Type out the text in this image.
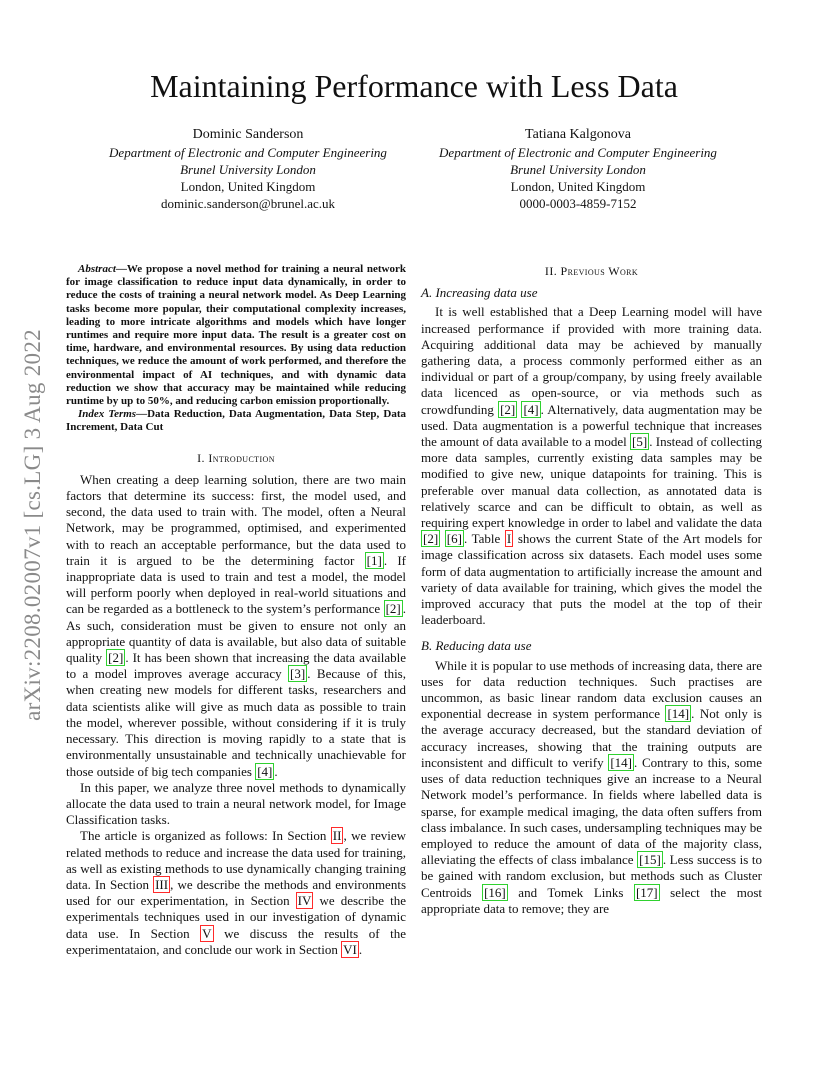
arXiv:2208.02007v1 [cs.LG] 3 Aug 2022
Maintaining Performance with Less Data
Dominic Sanderson
Department of Electronic and Computer Engineering
Brunel University London
London, United Kingdom
dominic.sanderson@brunel.ac.uk
Tatiana Kalgonova
Department of Electronic and Computer Engineering
Brunel University London
London, United Kingdom
0000-0003-4859-7152

Abstract—We propose a novel method for training a neural network for image classification to reduce input data dynamically, in order to reduce the costs of training a neural network model. As Deep Learning tasks become more popular, their computational complexity increases, leading to more intricate algorithms and models which have longer runtimes and require more input data. The result is a greater cost on time, hardware, and environmental resources. By using data reduction techniques, we reduce the amount of work performed, and therefore the environmental impact of AI techniques, and with dynamic data reduction we show that accuracy may be maintained while reducing runtime by up to 50%, and reducing carbon emission proportionally.

Index Terms—Data Reduction, Data Augmentation, Data Step, Data Increment, Data Cut

I. Introduction

When creating a deep learning solution, there are two main factors that determine its success: first, the model used, and second, the data used to train with. The model, often a Neural Network, may be programmed, optimised, and experimented with to reach an acceptable performance, but the data used to train it is argued to be the determining factor [1] . If inappropriate data is used to train and test a model, the model will perform poorly when deployed in real-world situations and can be regarded as a bottleneck to the system’s performance [2] . As such, consideration must be given to ensure not only an appropriate quantity of data is available, but also data of suitable quality [2] . It has been shown that increasing the data available to a model improves average accuracy [3] . Because of this, when creating new models for different tasks, researchers and data scientists alike will give as much data as possible to train the model, wherever possible, without considering if it is truly necessary. This direction is moving rapidly to a state that is environmentally unsustainable and technically unachievable for those outside of big tech companies [4] .

In this paper, we analyze three novel methods to dynamically allocate the data used to train a neural network model, for Image Classification tasks.

The article is organized as follows: In Section II , we review related methods to reduce and increase the data used for training, as well as existing methods to use dynamically changing training data. In Section III , we describe the methods and environments used for our experimentation, in Section IV we describe the experimentals techniques used in our investigation of dynamic data use. In Section V we discuss the results of the experimentataion, and conclude our work in Section VI .

II. Previous Work
A. Increasing data use

It is well established that a Deep Learning model will have increased performance if provided with more training data. Acquiring additional data may be achieved by manually gathering data, a process commonly performed either as an individual or part of a group/company, by using freely available data licenced as open-source, or via methods such as crowdfunding [2] [4] . Alternatively, data augmentation may be used. Data augmentation is a powerful technique that increases the amount of data available to a model [5] . Instead of collecting more data samples, currently existing data samples may be modified to give new, unique datapoints for training. This is preferable over manual data collection, as annotated data is relatively scarce and can be difficult to obtain, as well as requiring expert knowledge in order to label and validate the data [2] [6] . Table I shows the current State of the Art models for image classification across six datasets. Each model uses some form of data augmentation to artificially increase the amount and variety of data available for training, which gives the model the improved accuracy that puts the model at the top of their leaderboard.

B. Reducing data use

While it is popular to use methods of increasing data, there are uses for data reduction techniques. Such practises are uncommon, as basic linear random data exclusion causes an exponential decrease in system performance [14] . Not only is the average accuracy decreased, but the standard deviation of accuracy increases, showing that the training outputs are inconsistent and difficult to verify [14] . Contrary to this, some uses of data reduction techniques give an increase to a Neural Network model’s performance. In fields where labelled data is sparse, for example medical imaging, the data often suffers from class imbalance. In such cases, undersampling techniques may be employed to reduce the amount of data of the majority class, alleviating the effects of class imbalance [15] . Less success is to be gained with random exclusion, but methods such as Cluster Centroids [16] and Tomek Links [17] select the most appropriate data to remove; they are
